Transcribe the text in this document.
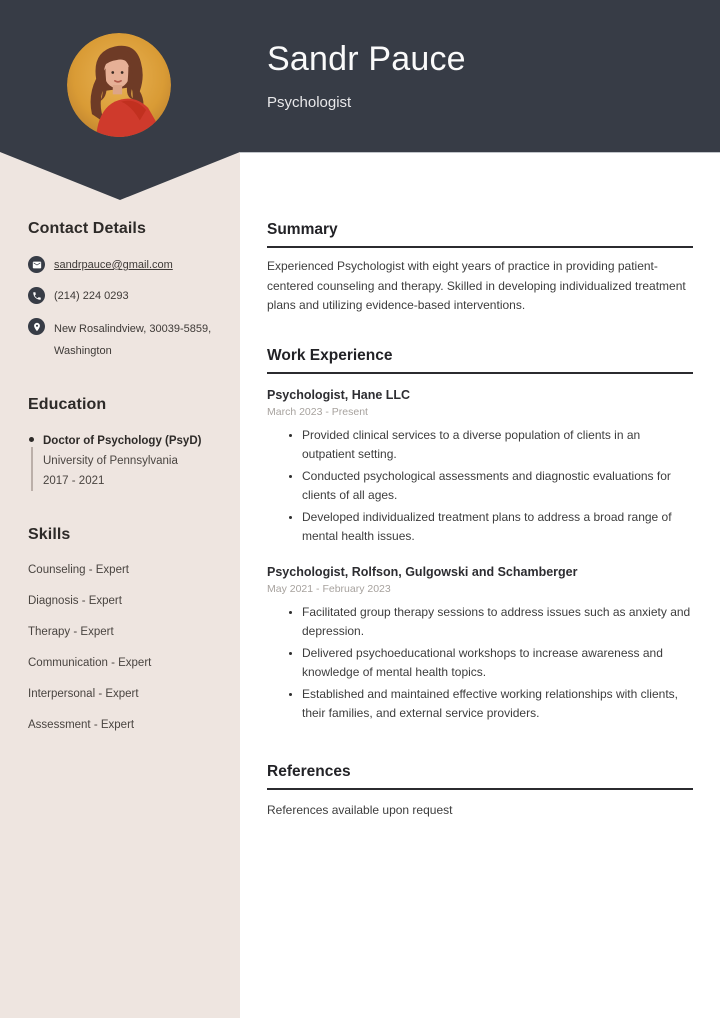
Contact Details
sandrpauce@gmail.com
(214) 224 0293
New Rosalindview, 30039-5859, Washington
Education
Doctor of Psychology (PsyD)
University of Pennsylvania
2017 - 2021
Skills
Counseling - Expert
Diagnosis - Expert
Therapy - Expert
Communication - Expert
Interpersonal - Expert
Assessment - Expert
Summary

Experienced Psychologist with eight years of practice in providing patient-centered counseling and therapy. Skilled in developing individualized treatment plans and utilizing evidence-based interventions.

Work Experience
Psychologist, Hane LLC
March 2023 - Present
• Provided clinical services to a diverse population of clients in an outpatient setting.
• Conducted psychological assessments and diagnostic evaluations for clients of all ages.
• Developed individualized treatment plans to address a broad range of mental health issues.
Psychologist, Rolfson, Gulgowski and Schamberger
May 2021 - February 2023
• Facilitated group therapy sessions to address issues such as anxiety and depression.
• Delivered psychoeducational workshops to increase awareness and knowledge of mental health topics.
• Established and maintained effective working relationships with clients, their families, and external service providers.
References
References available upon request
Sandr Pauce
Psychologist
